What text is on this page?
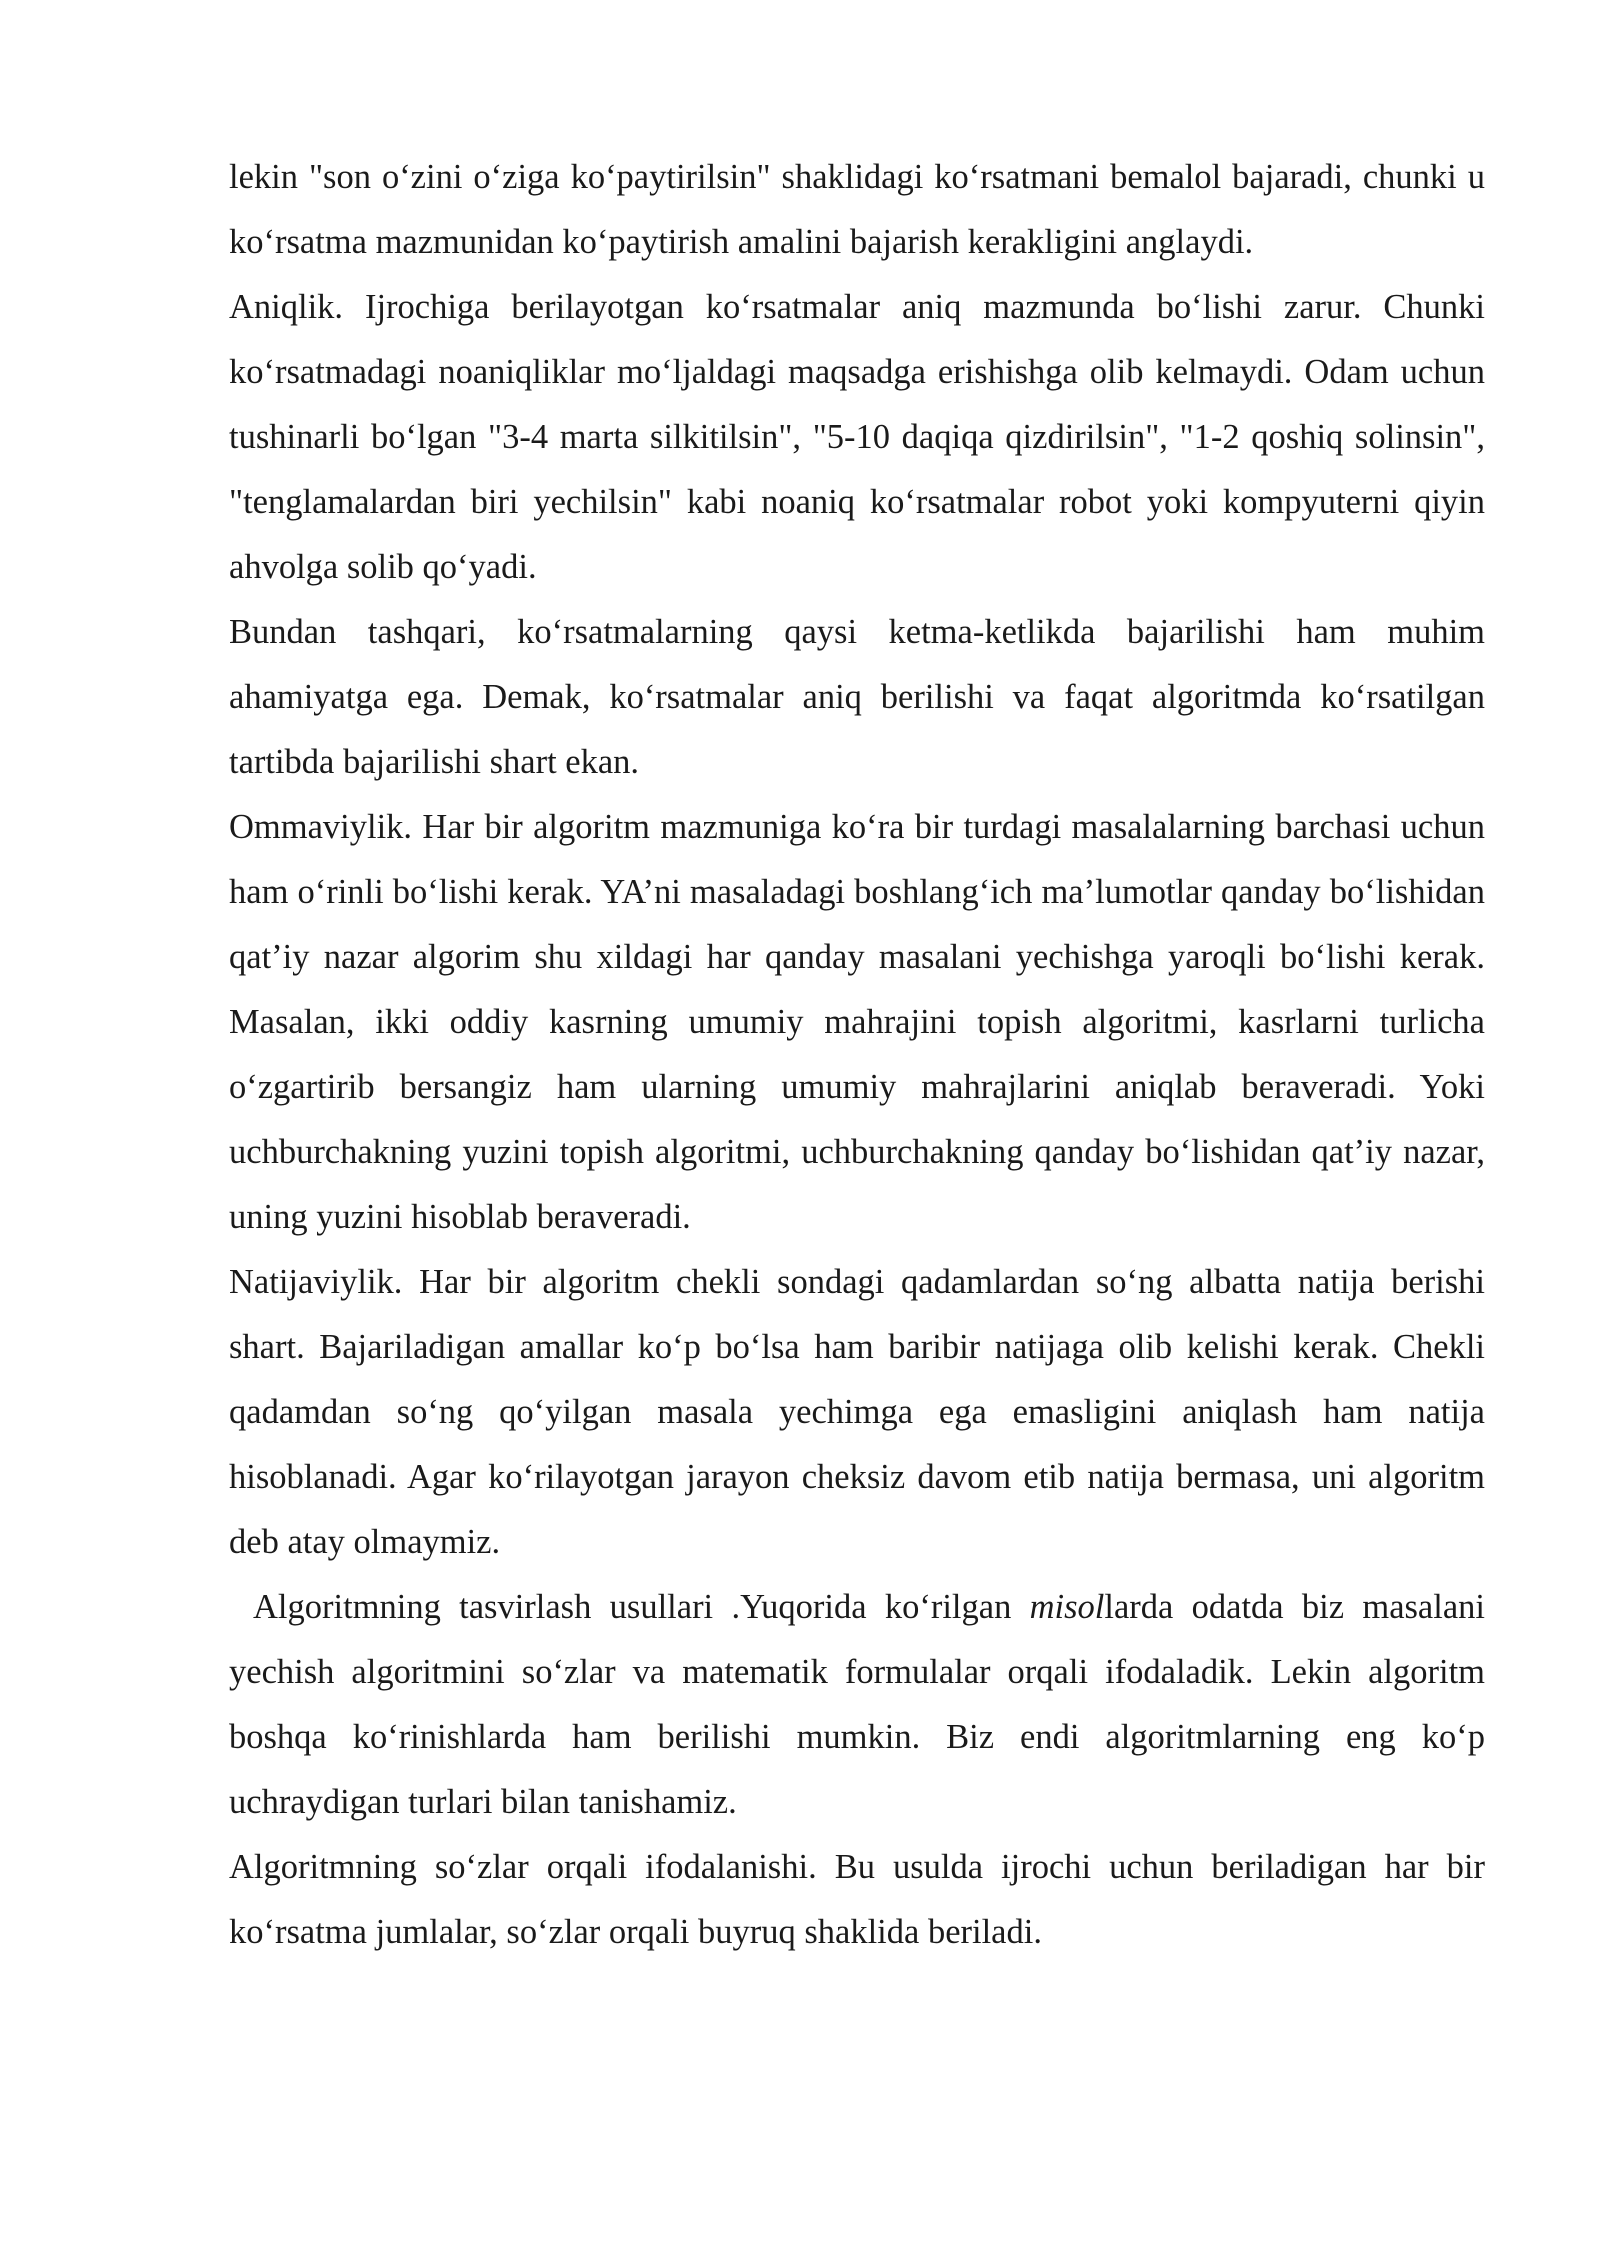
lekin "son o‘zini o‘ziga ko‘paytirilsin" shaklidagi ko‘rsatmani bemalol bajaradi, chunki u ko‘rsatma mazmunidan ko‘paytirish amalini bajarish kerakligini anglaydi.

Aniqlik. Ijrochiga berilayotgan ko‘rsatmalar aniq mazmunda bo‘lishi zarur. Chunki ko‘rsatmadagi noaniqliklar mo‘ljaldagi maqsadga erishishga olib kelmaydi. Odam uchun tushinarli bo‘lgan "3-4 marta silkitilsin", "5-10 daqiqa qizdirilsin", "1-2 qoshiq solinsin", "tenglamalardan biri yechilsin" kabi noaniq ko‘rsatmalar robot yoki kompyuterni qiyin ahvolga solib qo‘yadi.

Bundan tashqari, ko‘rsatmalarning qaysi ketma-ketlikda bajarilishi ham muhim ahamiyatga ega. Demak, ko‘rsatmalar aniq berilishi va faqat algoritmda ko‘rsatilgan tartibda bajarilishi shart ekan.

Ommaviylik. Har bir algoritm mazmuniga ko‘ra bir turdagi masalalarning barchasi uchun ham o‘rinli bo‘lishi kerak. YA’ni masaladagi boshlang‘ich ma’lumotlar qanday bo‘lishidan qat’iy nazar algorim shu xildagi har qanday masalani yechishga yaroqli bo‘lishi kerak. Masalan, ikki oddiy kasrning umumiy mahrajini topish algoritmi, kasrlarni turlicha o‘zgartirib bersangiz ham ularning umumiy mahrajlarini aniqlab beraveradi. Yoki uchburchakning yuzini topish algoritmi, uchburchakning qanday bo‘lishidan qat’iy nazar, uning yuzini hisoblab beraveradi.

Natijaviylik. Har bir algoritm chekli sondagi qadamlardan so‘ng albatta natija berishi shart. Bajariladigan amallar ko‘p bo‘lsa ham baribir natijaga olib kelishi kerak. Chekli qadamdan so‘ng qo‘yilgan masala yechimga ega emasligini aniqlash ham natija hisoblanadi. Agar ko‘rilayotgan jarayon cheksiz davom etib natija bermasa, uni algoritm deb atay olmaymiz.

Algoritmning tasvirlash usullari .Yuqorida ko‘rilgan misollarda odatda biz masalani yechish algoritmini so‘zlar va matematik formulalar orqali ifodaladik. Lekin algoritm boshqa ko‘rinishlarda ham berilishi mumkin. Biz endi algoritmlarning eng ko‘p uchraydigan turlari bilan tanishamiz.

Algoritmning so‘zlar orqali ifodalanishi. Bu usulda ijrochi uchun beriladigan har bir ko‘rsatma jumlalar, so‘zlar orqali buyruq shaklida beriladi.
